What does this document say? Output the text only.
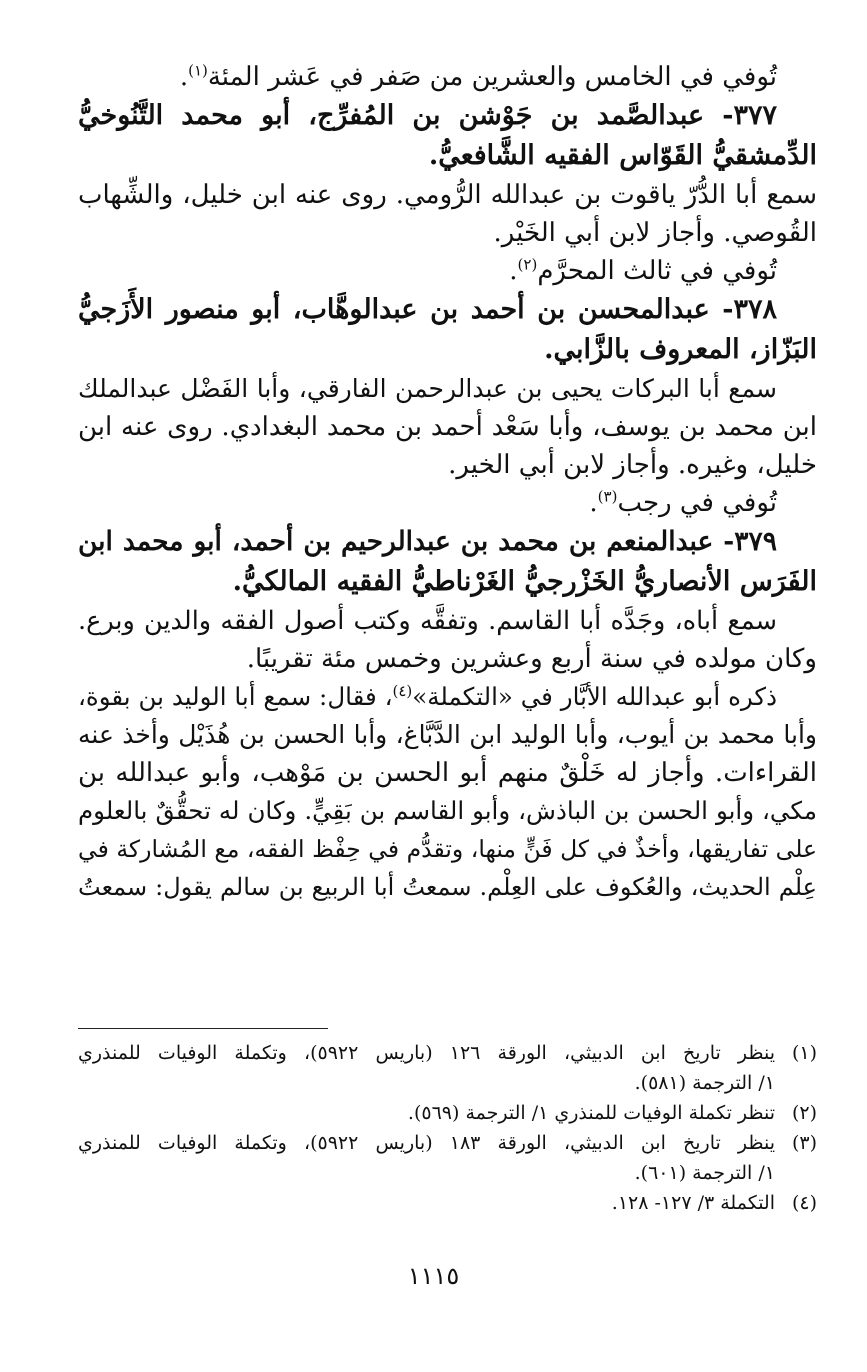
تُوفي في الخامس والعشرين من صَفر في عَشر المئة$^{(١)}$.
٣٧٧- عبدالصَّمد بن جَوْشن بن المُفرِّج، أبو محمد التَّنُوخيُّ
الدِّمشقيُّ القَوّاس الفقيه الشَّافعيُّ.
سمع أبا الدُّرّ ياقوت بن عبدالله الرُّومي. روى عنه ابن خليل، والشِّهاب
القُوصي. وأجاز لابن أبي الخَيْر.
تُوفي في ثالث المحرَّم$^{(٢)}$.
٣٧٨- عبدالمحسن بن أحمد بن عبدالوهَّاب، أبو منصور الأَزَجيُّ
البَزّاز، المعروف بالزَّابي.
سمع أبا البركات يحيى بن عبدالرحمن الفارقي، وأبا الفَضْل عبدالملك
ابن محمد بن يوسف، وأبا سَعْد أحمد بن محمد البغدادي. روى عنه ابن
خليل، وغيره. وأجاز لابن أبي الخير.
تُوفي في رجب$^{(٣)}$.
٣٧٩- عبدالمنعم بن محمد بن عبدالرحيم بن أحمد، أبو محمد ابن
الفَرَس الأنصاريُّ الخَزْرجيُّ الغَرْناطيُّ الفقيه المالكيُّ.
سمع أباه، وجَدَّه أبا القاسم. وتفقَّه وكتب أصول الفقه والدين وبرع.
وكان مولده في سنة أربع وعشرين وخمس مئة تقريبًا.
ذكره أبو عبدالله الأبَّار في «التكملة»$^{(٤)}$، فقال: سمع أبا الوليد بن بقوة،
وأبا محمد بن أيوب، وأبا الوليد ابن الدَّبَّاغ، وأبا الحسن بن هُذَيْل وأخذ عنه
القراءات. وأجاز له خَلْقٌ منهم أبو الحسن بن مَوْهب، وأبو عبدالله بن
مكي، وأبو الحسن بن الباذش، وأبو القاسم بن بَقِيٍّ. وكان له تحقُّقٌ بالعلوم
على تفاريقها، وأخذٌ في كل فَنٍّ منها، وتقدُّم في حِفْظ الفقه، مع المُشاركة في
عِلْم الحديث، والعُكوف على العِلْم. سمعتُ أبا الربيع بن سالم يقول: سمعتُ
(١)
ينظر تاريخ ابن الدبيثي، الورقة ١٢٦ (باريس ٥٩٢٢)، وتكملة الوفيات للمنذري
١/ الترجمة (٥٨١).
(٢)
تنظر تكملة الوفيات للمنذري ١/ الترجمة (٥٦٩).
(٣)
ينظر تاريخ ابن الدبيثي، الورقة ١٨٣ (باريس ٥٩٢٢)، وتكملة الوفيات للمنذري
١/ الترجمة (٦٠١).
(٤)
التكملة ٣/ ١٢٧- ١٢٨.
١١١٥
